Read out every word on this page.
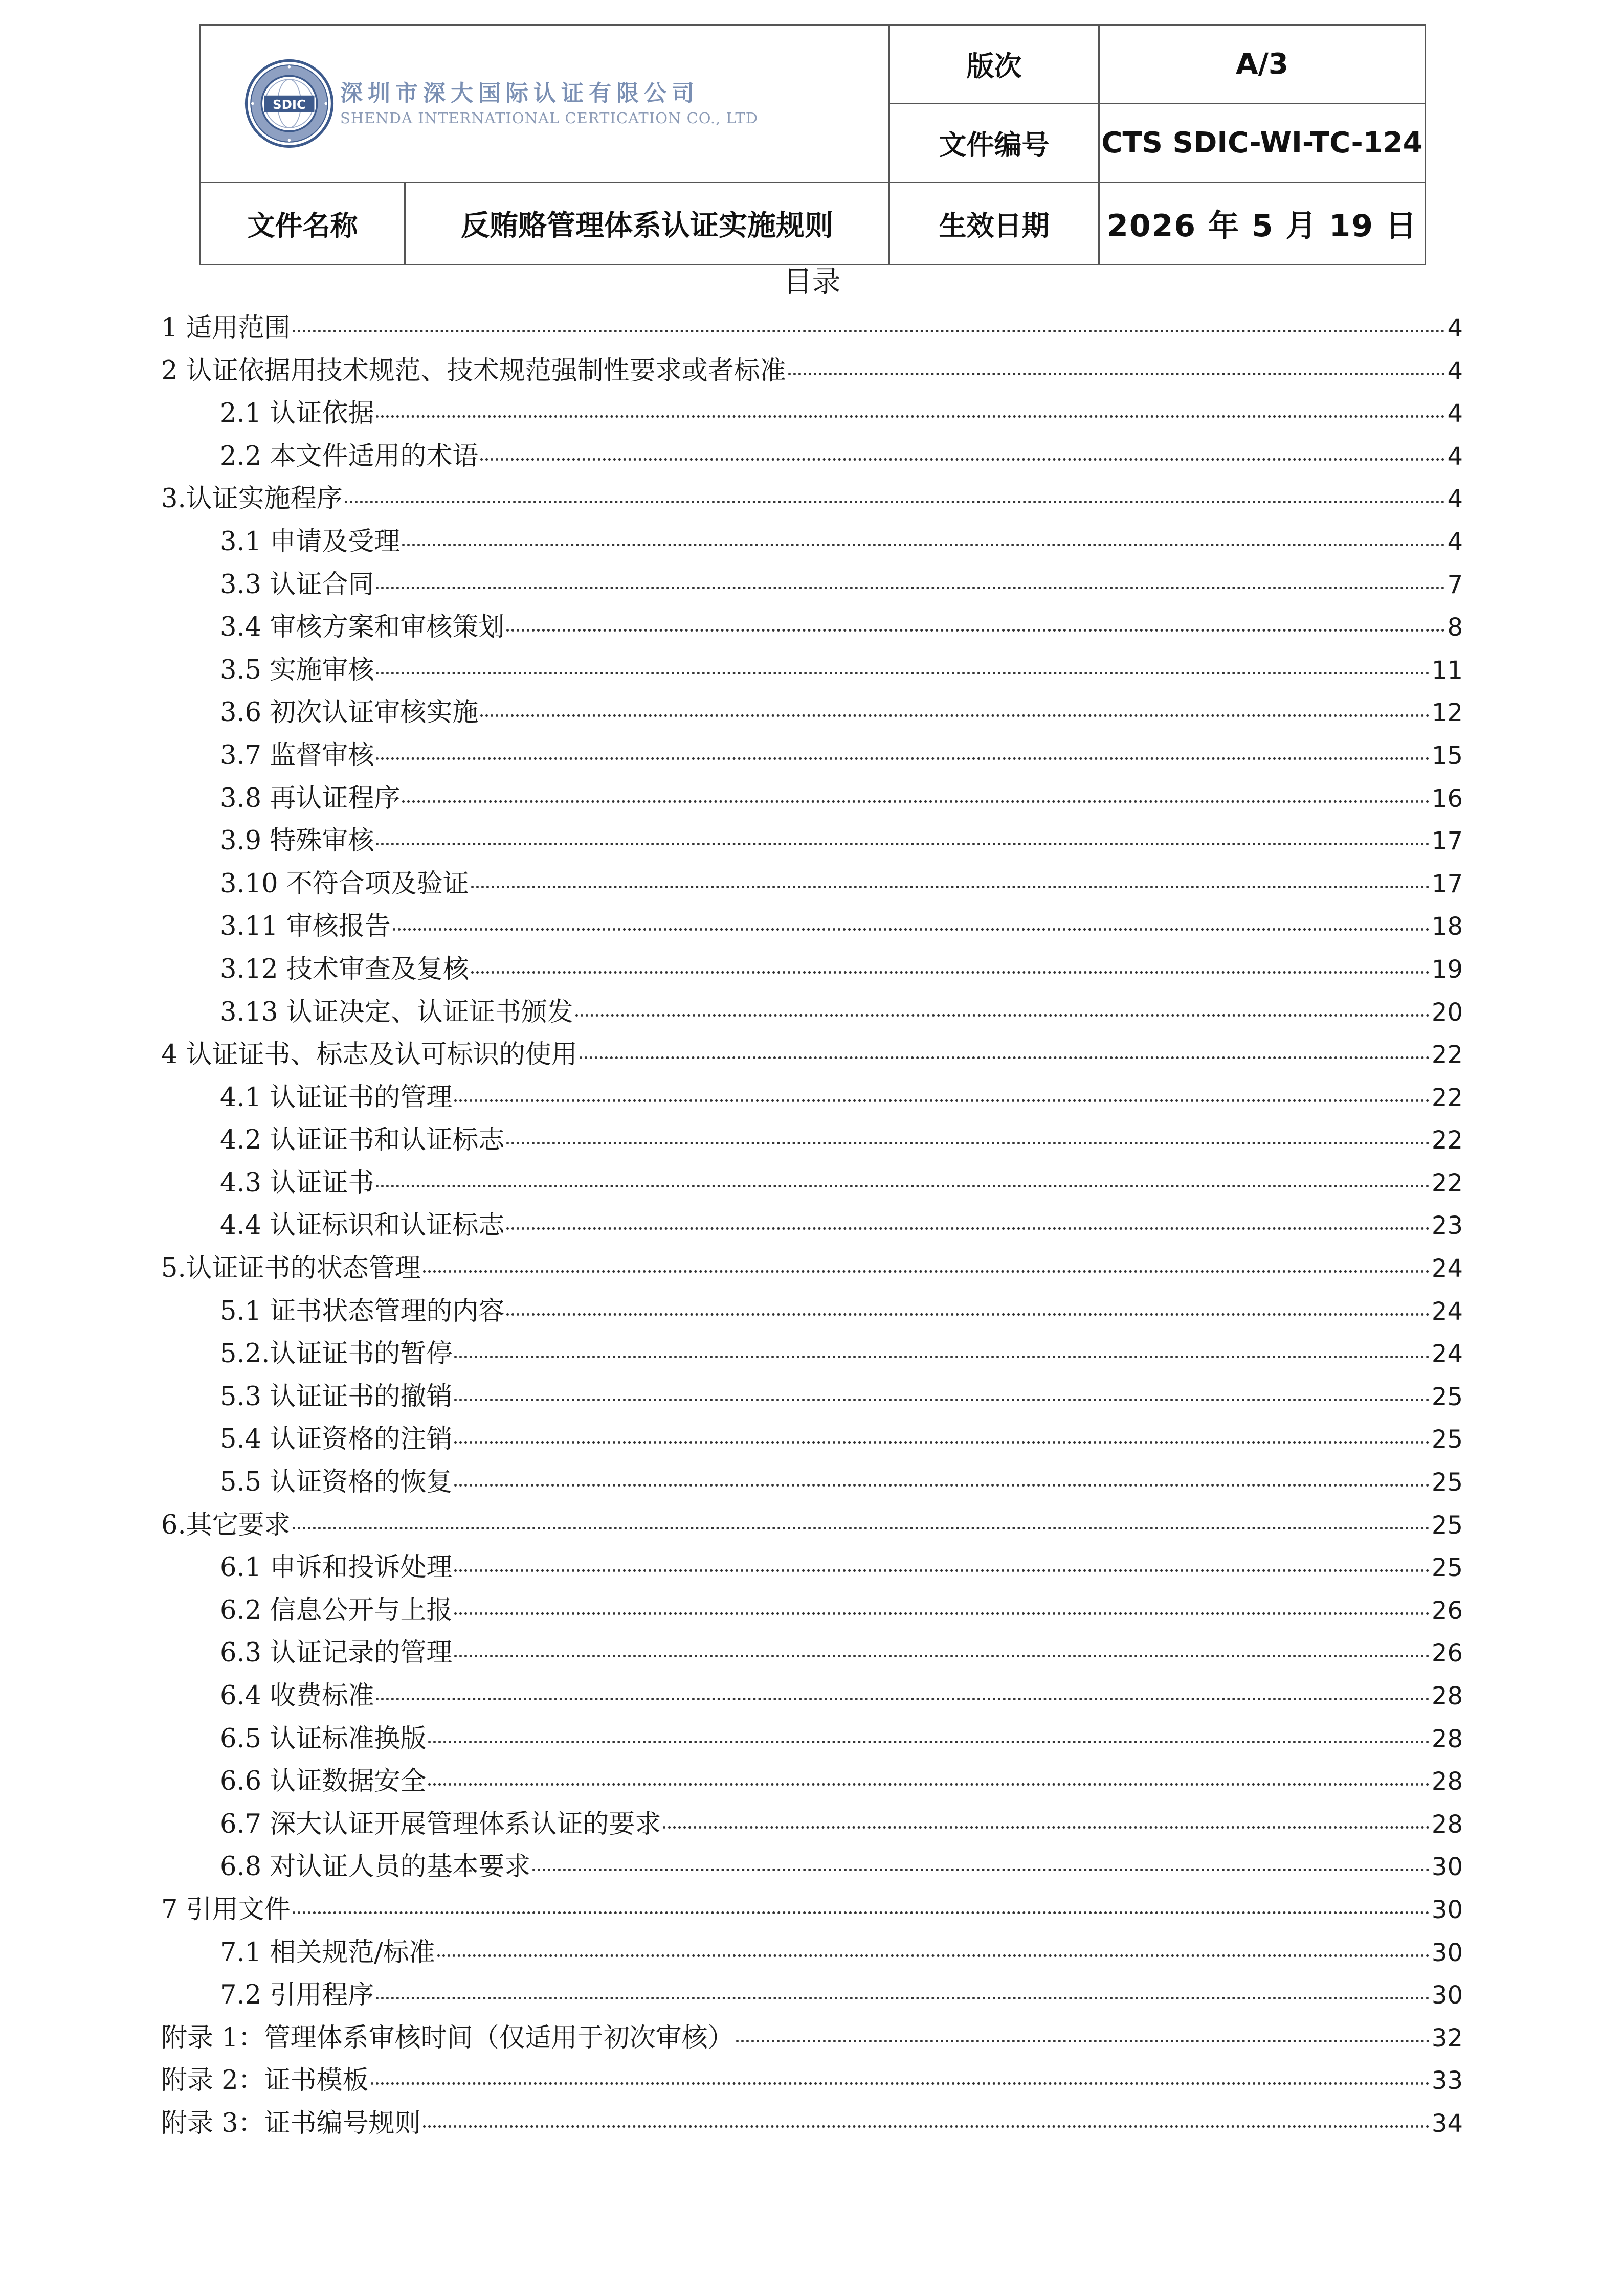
SDIC 深圳市深大国际认证有限公司
SHENDA INTERNATIONAL CERTICATION CO., LTD		版次	A/3
		文件编号	CTS SDIC-WI-TC-124
文件名称	反贿赂管理体系认证实施规则	生效日期	2026 年 5 月 19 日
目录
1 适用范围	4
2 认证依据用技术规范、技术规范强制性要求或者标准	4
2.1 认证依据	4
2.2 本文件适用的术语	4
3.认证实施程序	4
3.1 申请及受理	4
3.3 认证合同	7
3.4 审核方案和审核策划	8
3.5 实施审核	11
3.6 初次认证审核实施	12
3.7 监督审核	15
3.8 再认证程序	16
3.9 特殊审核	17
3.10 不符合项及验证	17
3.11 审核报告	18
3.12 技术审查及复核	19
3.13 认证决定、认证证书颁发	20
4 认证证书、标志及认可标识的使用	22
4.1 认证证书的管理	22
4.2 认证证书和认证标志	22
4.3 认证证书	22
4.4 认证标识和认证标志	23
5.认证证书的状态管理	24
5.1 证书状态管理的内容	24
5.2.认证证书的暂停	24
5.3 认证证书的撤销	25
5.4 认证资格的注销	25
5.5 认证资格的恢复	25
6.其它要求	25
6.1 申诉和投诉处理	25
6.2 信息公开与上报	26
6.3 认证记录的管理	26
6.4 收费标准	28
6.5 认证标准换版	28
6.6 认证数据安全	28
6.7 深大认证开展管理体系认证的要求	28
6.8 对认证人员的基本要求	30
7 引用文件	30
7.1 相关规范/标准	30
7.2 引用程序	30
附录 1：管理体系审核时间（仅适用于初次审核）	32
附录 2：证书模板	33
附录 3：证书编号规则	34
